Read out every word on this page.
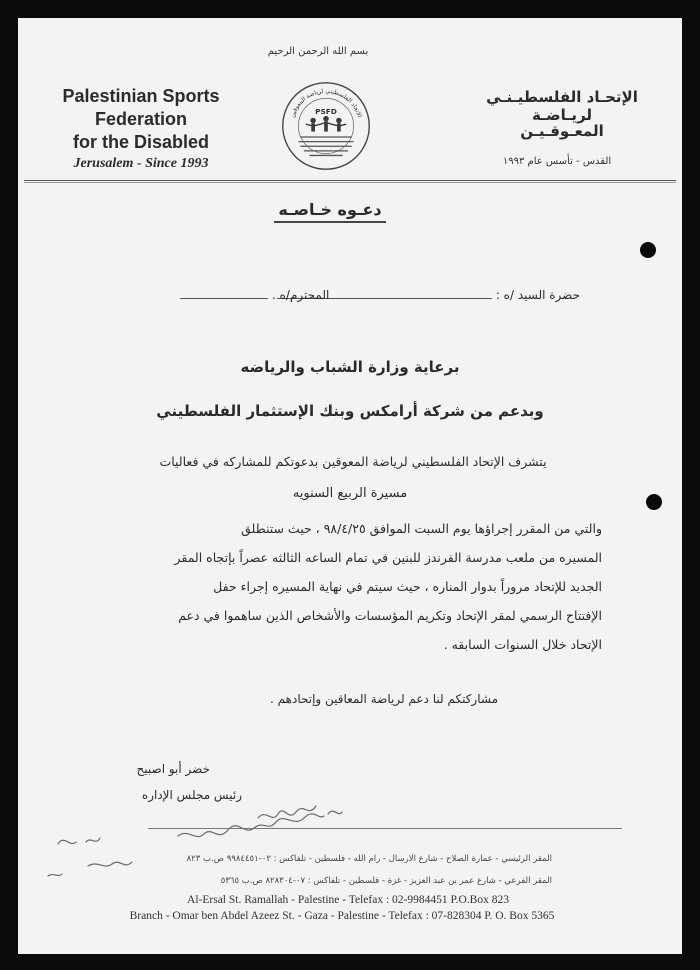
بسم الله الرحمن الرحيم
Palestinian Sports
Federation
for the Disabled
Jerusalem - Since 1993
الاتحاد الفلسطيني لرياضة المعوقين
PSFD
الإتحـاد الفلسطيـنـي لريـاضـة
المعـوقـيـن
القدس - تأسس عام ١٩٩٣
دعـوه خـاصـه
حضرة السيد /ه :
المحترم/ه .
برعاية وزارة الشباب والرياضه
وبدعم من شركة أرامكس وبنك الإستثمار الفلسطيني
يتشرف الإتحاد الفلسطيني لرياضة المعوقين بدعوتكم للمشاركه في فعاليات
مسيرة الربيع السنويه
والتي من المقرر إجراؤها يوم السبت الموافق ٩٨/٤/٢٥ ، حيث ستنطلق
المسيره من ملعب مدرسة الفرندز للبنين في تمام الساعه الثالثه عصراً بإتجاه المقر
الجديد للإتحاد مروراً بدوار المناره ، حيث سيتم في نهاية المسيره إجراء حفل
الإفتتاح الرسمي لمقر الإتحاد وتكريم المؤسسات والأشخاص الذين ساهموا في دعم
الإتحاد خلال السنوات السابقه .
مشاركتكم لنا دعم لرياضة المعاقين وإتحادهم .
خضر أبو اصبيح
رئيس مجلس الإداره
وصلت الدعوة
وعلى أحسن المشاركة إن شاء الله
المقر الرئيسي - عمارة الصلاح - شارع الارسال - رام الله - فلسطين - تلفاكس : ٠٢-٩٩٨٤٤٥١ ص.ب ٨٢٣
المقر الفرعي - شارع عمر بن عبد العزيز - غزة - فلسطين - تلفاكس : ٠٧-٨٢٨٣٠٤ ص.ب ٥٣٦٥
Al-Ersal St. Ramallah - Palestine - Telefax : 02-9984451 P.O.Box 823
Branch - Omar ben Abdel Azeez St. - Gaza - Palestine - Telefax : 07-828304 P. O. Box 5365
